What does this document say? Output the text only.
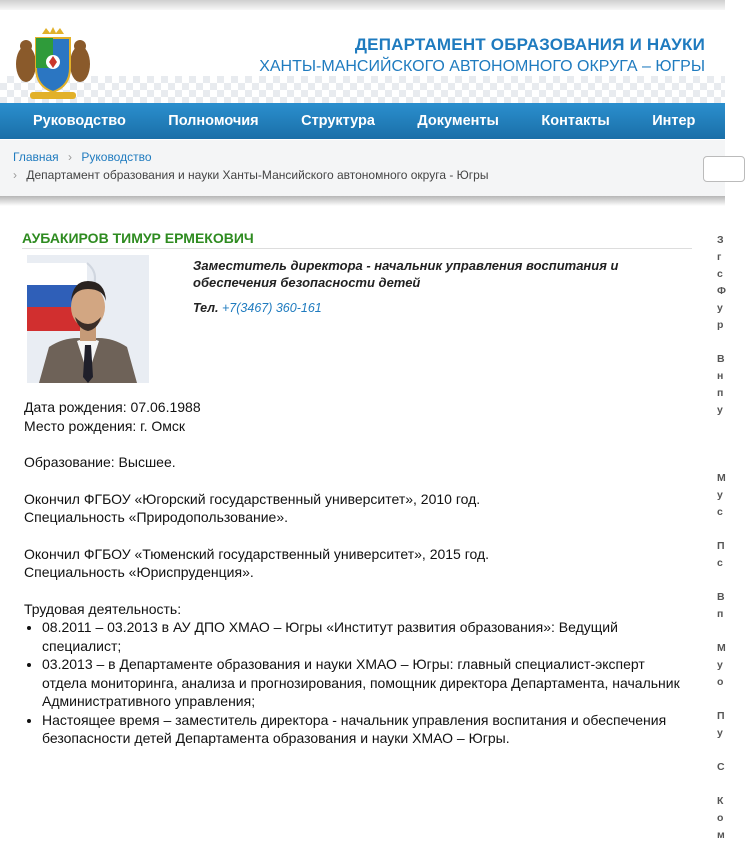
ДЕПАРТАМЕНТ ОБРАЗОВАНИЯ И НАУКИ
ХАНТЫ-МАНСИЙСКОГО АВТОНОМНОГО ОКРУГА – ЮГРЫ
Руководство	Полномочия	Структура	Документы	Контакты	Интер
Главная › Руководство
› Департамент образования и науки Ханты-Мансийского автономного округа - Югры
АУБАКИРОВ ТИМУР ЕРМЕКОВИЧ
Заместитель директора - начальник управления воспитания и обеспечения безопасности детей
Тел. +7(3467) 360-161

Дата рождения: 07.06.1988

Место рождения: г. Омск

Образование: Высшее.

Окончил ФГБОУ «Югорский государственный университет», 2010 год.

Специальность «Природопользование».

Окончил ФГБОУ «Тюменский государственный университет», 2015 год.

Специальность «Юриспруденция».

Трудовая деятельность:

• 08.2011 – 03.2013 в АУ ДПО ХМАО – Югры «Институт развития образования»: Ведущий специалист;
• 03.2013 – в Департаменте образования и науки ХМАО – Югры: главный специалист-эксперт отдела мониторинга, анализа и прогнозирования, помощник директора Департамента, начальник Административного управления;
• Настоящее время – заместитель директора - начальник управления воспитания и обеспечения безопасности детей Департамента образования и науки ХМАО – Югры.
З
г
с
Ф
у
р

В
н
п
у

М
у
с

П
с

В
п

М
у
о

П
у

С

К
о
м
